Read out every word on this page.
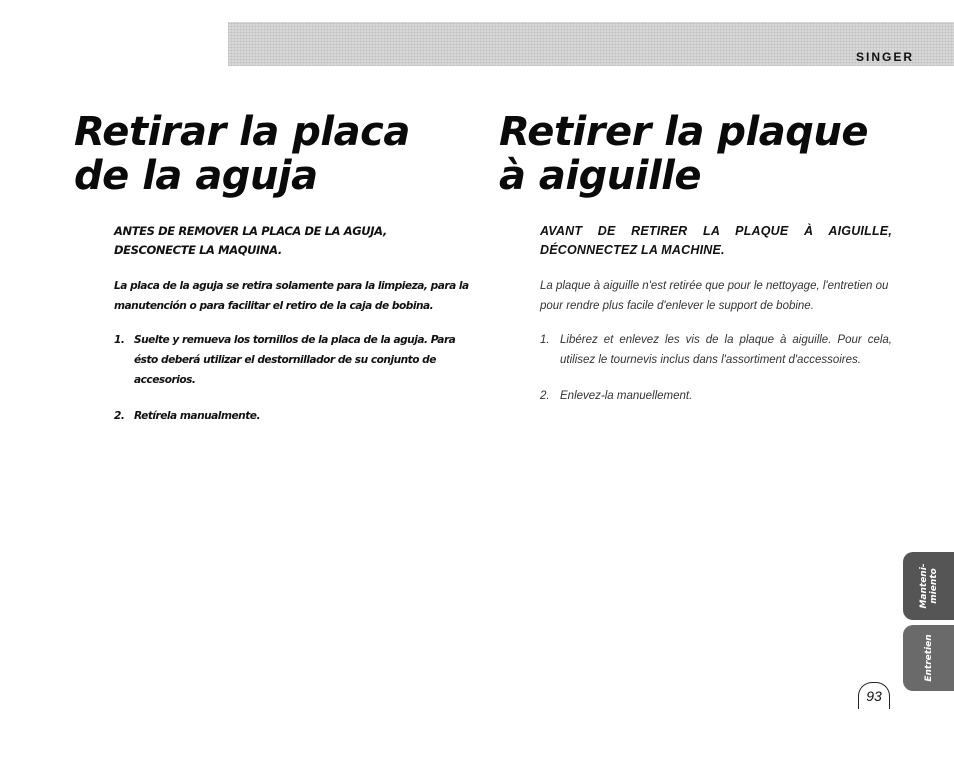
SINGER
Retirar la placa
de la aguja
Retirer la plaque
à aiguille

ANTES DE REMOVER LA PLACA DE LA AGUJA, DESCONECTE LA MAQUINA.

La placa de la aguja se retira solamente para la limpieza, para la manutención o para facilitar el retiro de la caja de bobina.

1. Suelte y remueva los tornillos de la placa de la aguja. Para ésto deberá utilizar el destornillador de su conjunto de accesorios.
2. Retírela manualmente.

AVANT DE RETIRER LA PLAQUE À AIGUILLE, DÉCONNECTEZ LA MACHINE.

La plaque à aiguille n'est retirée que pour le nettoyage, l'entretien ou pour rendre plus facile d'enlever le support de bobine.

1. Libérez et enlevez les vis de la plaque à aiguille. Pour cela, utilisez le tournevis inclus dans l'assortiment d'accessoires.
2. Enlevez-la manuellement.
Manteni-
miento
Entretien
93
